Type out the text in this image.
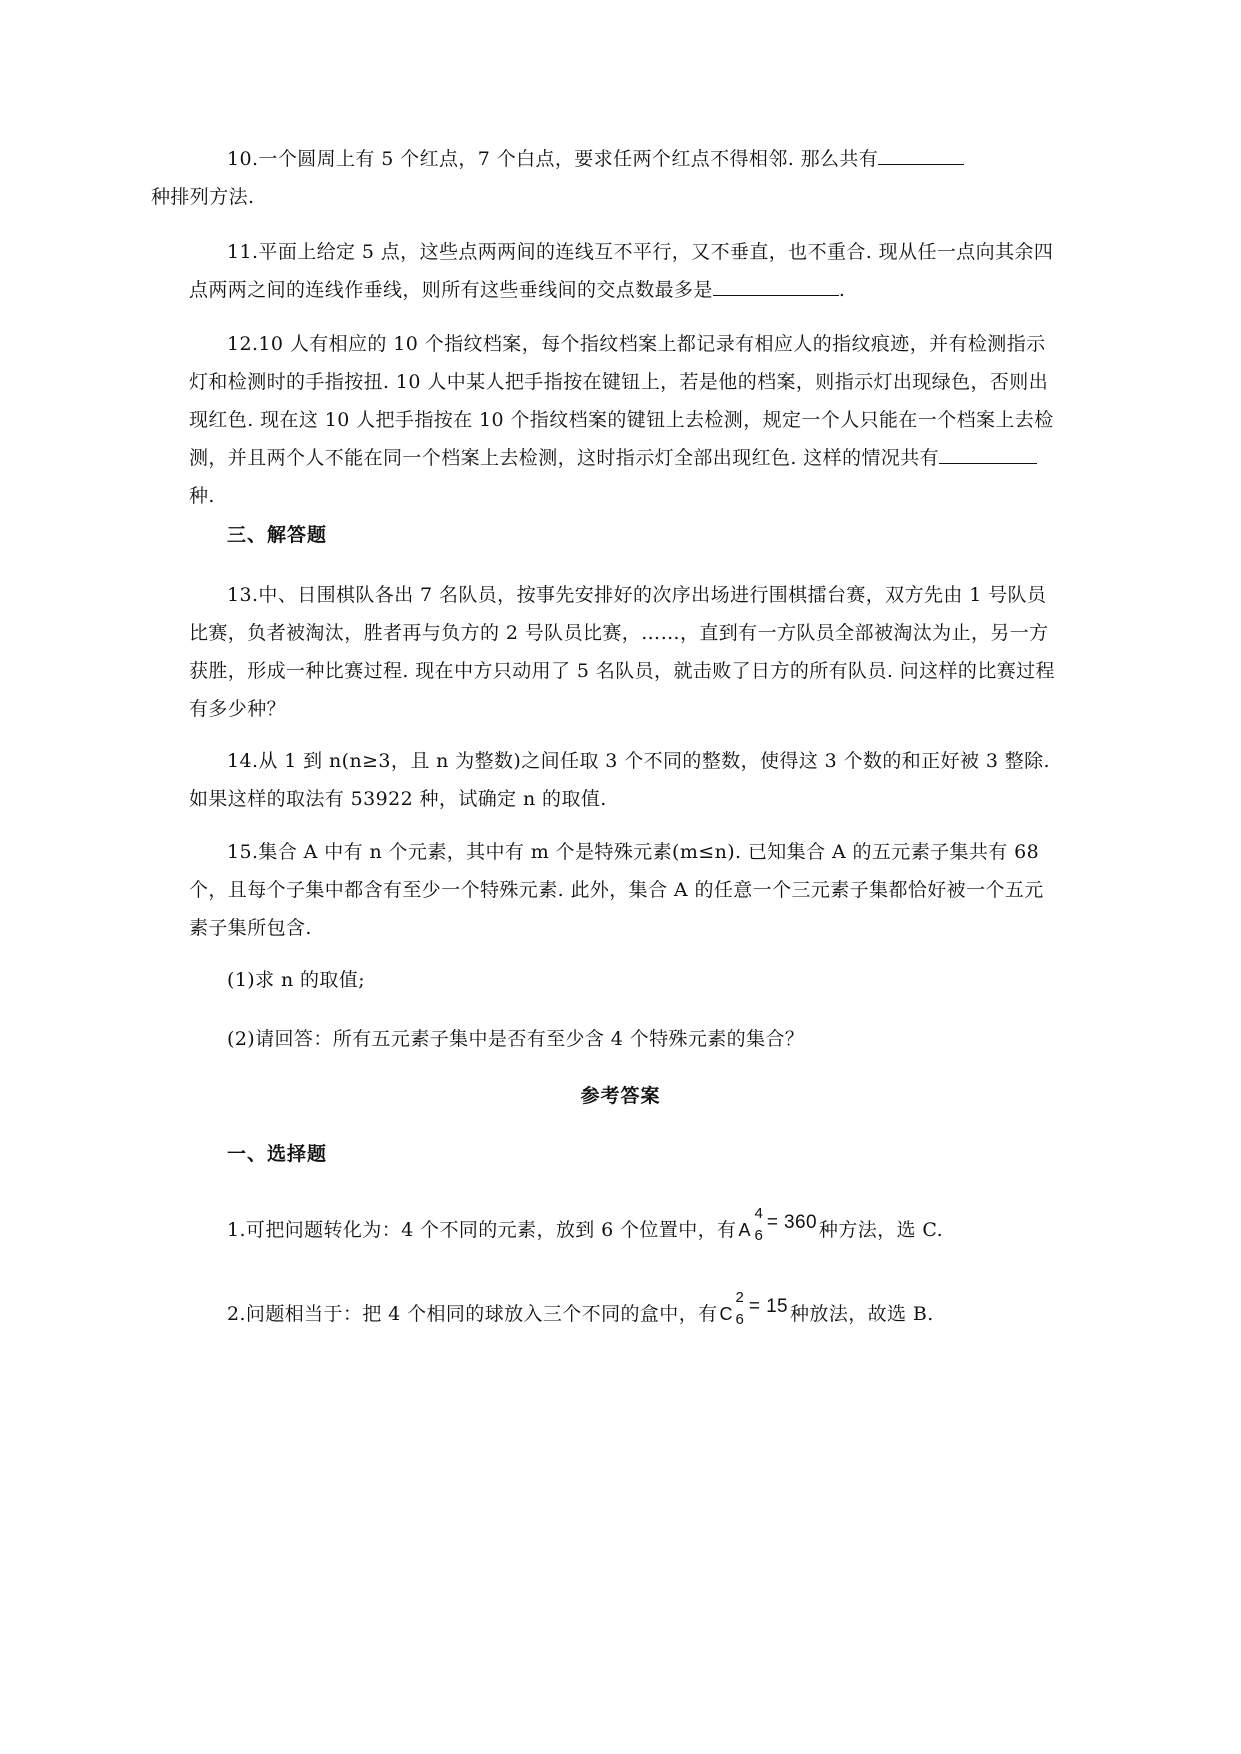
10.一个圆周上有 5 个红点，7 个白点，要求任两个红点不得相邻. 那么共有
种排列方法.

11.平面上给定 5 点，这些点两两间的连线互不平行，又不垂直，也不重合. 现从任一点向其余四点两两之间的连线作垂线，则所有这些垂线间的交点数最多是	.

12.10 人有相应的 10 个指纹档案，每个指纹档案上都记录有相应人的指纹痕迹，并有检测指示灯和检测时的手指按扭. 10 人中某人把手指按在键钮上，若是他的档案，则指示灯出现绿色，否则出现红色. 现在这 10 人把手指按在 10 个指纹档案的键钮上去检测，规定一个人只能在一个档案上去检测，并且两个人不能在同一个档案上去检测，这时指示灯全部出现红色. 这样的情况共有种.

三、解答题

13.中、日围棋队各出 7 名队员，按事先安排好的次序出场进行围棋擂台赛，双方先由 1 号队员比赛，负者被淘汰，胜者再与负方的 2 号队员比赛，……，直到有一方队员全部被淘汰为止，另一方获胜，形成一种比赛过程. 现在中方只动用了 5 名队员，就击败了日方的所有队员. 问这样的比赛过程有多少种？

14.从 1 到 n(n≥3，且 n 为整数)之间任取 3 个不同的整数，使得这 3 个数的和正好被 3 整除. 如果这样的取法有 53922 种，试确定 n 的取值.

15.集合 A 中有 n 个元素，其中有 m 个是特殊元素(m≤n). 已知集合 A 的五元素子集共有 68 个，且每个子集中都含有至少一个特殊元素. 此外，集合 A 的任意一个三元素子集都恰好被一个五元素子集所包含.

(1)求 n 的取值;

(2)请回答：所有五元素子集中是否有至少含 4 个特殊元素的集合？

参考答案

一、选择题

1.可把问题转化为：4 个不同的元素，放到 6 个位置中，有 A
4
6
= 360 种方法，选 C.

2.问题相当于：把 4 个相同的球放入三个不同的盒中，有 C
2
6
= 15 种放法，故选 B.
